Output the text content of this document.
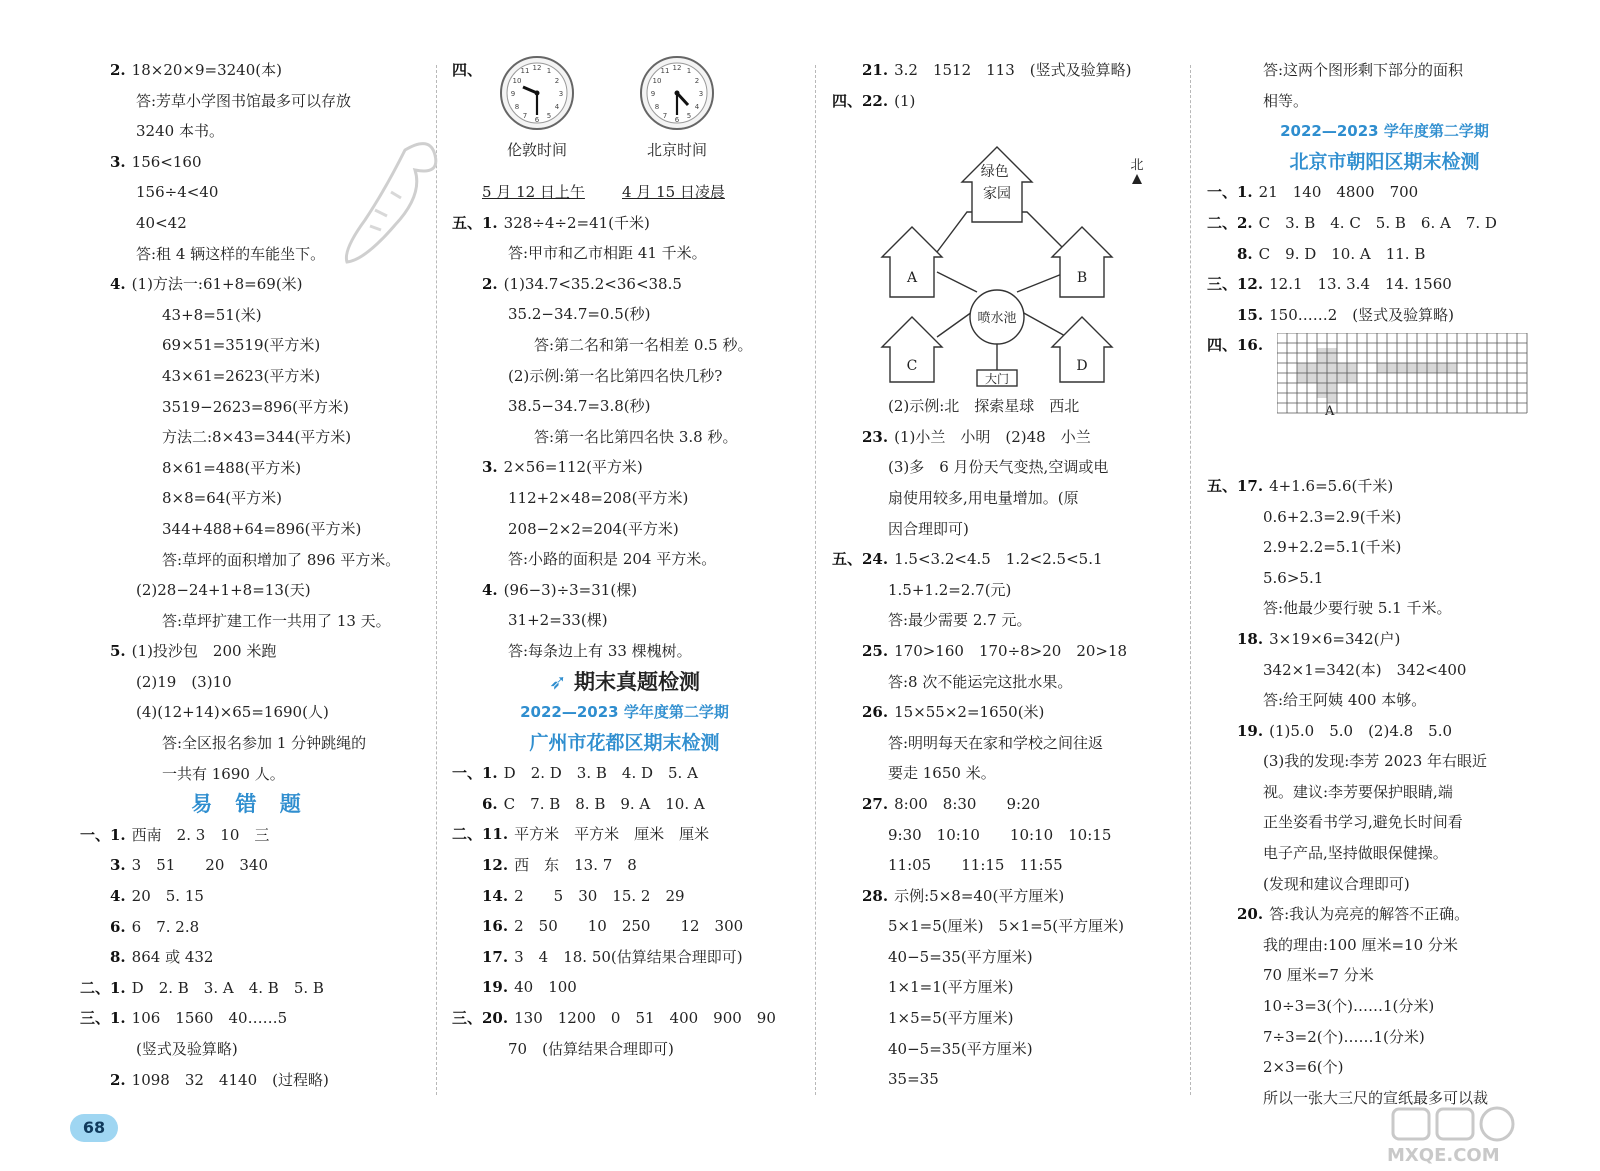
2. 18×20×9=3240(本)
答:芳草小学图书馆最多可以存放
3240 本书。
3. 156<160
156÷4<40
40<42
答:租 4 辆这样的车能坐下。
4. (1)方法一:61+8=69(米)
43+8=51(米)
69×51=3519(平方米)
43×61=2623(平方米)
3519−2623=896(平方米)
方法二:8×43=344(平方米)
8×61=488(平方米)
8×8=64(平方米)
344+488+64=896(平方米)
答:草坪的面积增加了 896 平方米。
(2)28−24+1+8=13(天)
答:草坪扩建工作一共用了 13 天。
5. (1)投沙包　200 米跑
(2)19　(3)10
(4)(12+14)×65=1690(人)
答:全区报名参加 1 分钟跳绳的
一共有 1690 人。
易 错 题
一、1. 西南　2. 3　10　三
3. 3　51　　20　340
4. 20　5. 15
6. 6　7. 2.8
8. 864 或 432
二、1. D　2. B　3. A　4. B　5. B
三、1. 106　1560　40……5
(竖式及验算略)
2. 1098　32　4140　(过程略)
四、	12
3
6
9
1
2
4
5
7
8
10
11
伦敦时间
12
3
6
9
1
2
4
5
7
8
10
11
北京时间
5 月 12 日上午 4 月 15 日凌晨
五、1. 328÷4÷2=41(千米)
答:甲市和乙市相距 41 千米。
2. (1)34.7<35.2<36<38.5
35.2−34.7=0.5(秒)
答:第二名和第一名相差 0.5 秒。
(2)示例:第一名比第四名快几秒?
38.5−34.7=3.8(秒)
答:第一名比第四名快 3.8 秒。
3. 2×56=112(平方米)
112+2×48=208(平方米)
208−2×2=204(平方米)
答:小路的面积是 204 平方米。
4. (96−3)÷3=31(棵)
31+2=33(棵)
答:每条边上有 33 棵槐树。
➶ 期末真题检测
2022—2023 学年度第二学期
广州市花都区期末检测
一、1. D　2. D　3. B　4. D　5. A
6. C　7. B　8. B　9. A　10. A
二、11. 平方米　平方米　厘米　厘米
12. 西　东　13. 7　8
14. 2　　5　30　15. 2　29
16. 2　50　　10　250　　12　300
17. 3　4　18. 50(估算结果合理即可)
19. 40　100
三、20. 130　1200　0　51　400　900　90
70　(估算结果合理即可)
21. 3.2　1512　113　(竖式及验算略)
四、22. (1)
绿色 家园
A	B
C	D
喷水池
大门
北
(2)示例:北　探索星球　西北
23. (1)小兰　小明　(2)48　小兰
(3)多　6 月份天气变热,空调或电
扇使用较多,用电量增加。(原
因合理即可)
五、24. 1.5<3.2<4.5　1.2<2.5<5.1
1.5+1.2=2.7(元)
答:最少需要 2.7 元。
25. 170>160　170÷8>20　20>18
答:8 次不能运完这批水果。
26. 15×55×2=1650(米)
答:明明每天在家和学校之间往返
要走 1650 米。
27. 8:00　8:30　　9:20
9:30　10:10　　10:10　10:15
11:05　　11:15　11:55
28. 示例:5×8=40(平方厘米)
5×1=5(厘米)　5×1=5(平方厘米)
40−5=35(平方厘米)
1×1=1(平方厘米)
1×5=5(平方厘米)
40−5=35(平方厘米)
35=35
答:这两个图形剩下部分的面积
相等。
2022—2023 学年度第二学期
北京市朝阳区期末检测
一、1. 21　140　4800　700
二、2. C　3. B　4. C　5. B　6. A　7. D
8. C　9. D　10. A　11. B
三、12. 12.1　13. 3.4　14. 1560
15. 150……2　(竖式及验算略)
四、16.
A
五、17. 4+1.6=5.6(千米)
0.6+2.3=2.9(千米)
2.9+2.2=5.1(千米)
5.6>5.1
答:他最少要行驶 5.1 千米。
18. 3×19×6=342(户)
342×1=342(本)　342<400
答:给王阿姨 400 本够。
19. (1)5.0　5.0　(2)4.8　5.0
(3)我的发现:李芳 2023 年右眼近
视。建议:李芳要保护眼睛,端
正坐姿看书学习,避免长时间看
电子产品,坚持做眼保健操。
(发现和建议合理即可)
20. 答:我认为亮亮的解答不正确。
我的理由:100 厘米=10 分米
70 厘米=7 分米
10÷3=3(个)……1(分米)
7÷3=2(个)……1(分米)
2×3=6(个)
所以一张大三尺的宣纸最多可以裁
68
MXQE.COM
